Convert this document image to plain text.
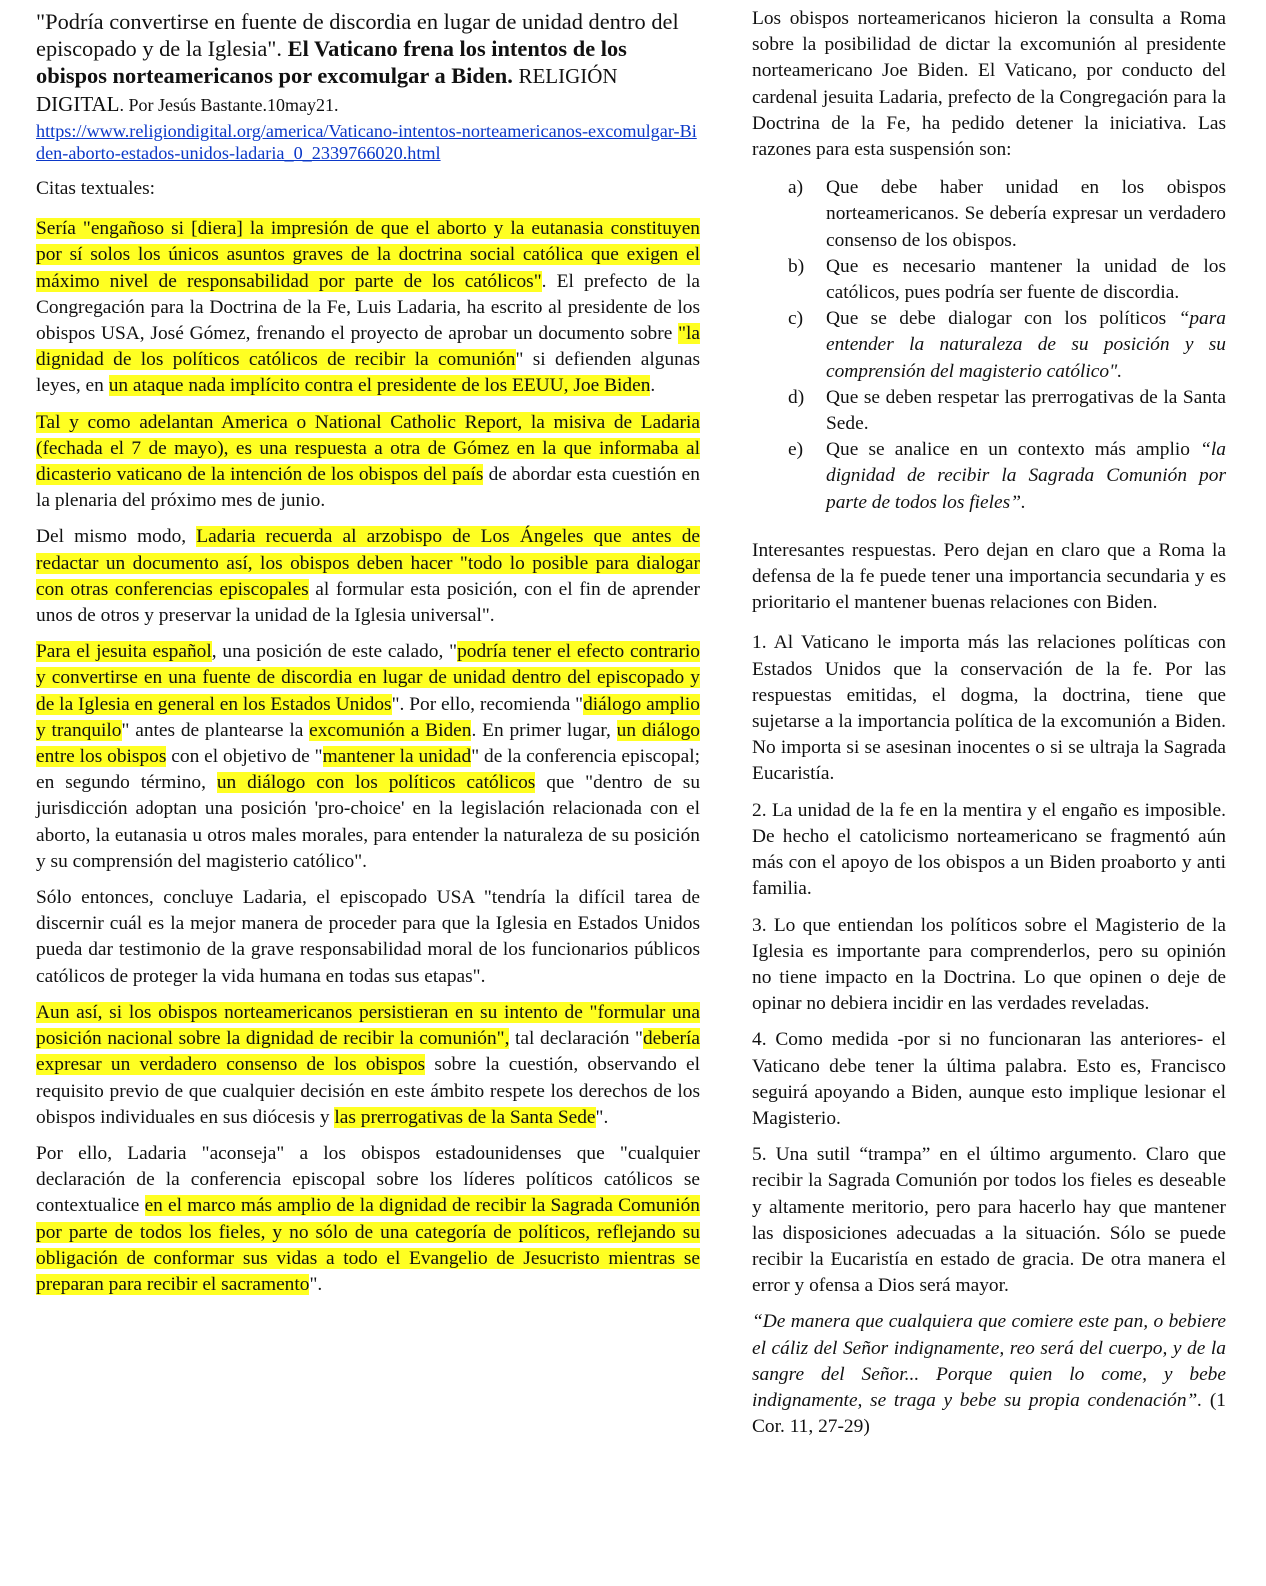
"Podría convertirse en fuente de discordia en lugar de unidad dentro del episcopado y de la Iglesia". El Vaticano frena los intentos de los obispos norteamericanos por excomulgar a Biden. RELIGIÓN DIGITAL. Por Jesús Bastante.10may21.

https://www.religiondigital.org/america/Vaticano-intentos-norteamericanos-excomulgar-Biden-aborto-estados-unidos-ladaria_0_2339766020.html

Citas textuales:

Sería "engañoso si [diera] la impresión de que el aborto y la eutanasia constituyen por sí solos los únicos asuntos graves de la doctrina social católica que exigen el máximo nivel de responsabilidad por parte de los católicos". El prefecto de la Congregación para la Doctrina de la Fe, Luis Ladaria, ha escrito al presidente de los obispos USA, José Gómez, frenando el proyecto de aprobar un documento sobre "la dignidad de los políticos católicos de recibir la comunión" si defienden algunas leyes, en un ataque nada implícito contra el presidente de los EEUU, Joe Biden.

Tal y como adelantan America o National Catholic Report, la misiva de Ladaria (fechada el 7 de mayo), es una respuesta a otra de Gómez en la que informaba al dicasterio vaticano de la intención de los obispos del país de abordar esta cuestión en la plenaria del próximo mes de junio.

Del mismo modo, Ladaria recuerda al arzobispo de Los Ángeles que antes de redactar un documento así, los obispos deben hacer "todo lo posible para dialogar con otras conferencias episcopales al formular esta posición, con el fin de aprender unos de otros y preservar la unidad de la Iglesia universal".

Para el jesuita español, una posición de este calado, "podría tener el efecto contrario y convertirse en una fuente de discordia en lugar de unidad dentro del episcopado y de la Iglesia en general en los Estados Unidos". Por ello, recomienda "diálogo amplio y tranquilo" antes de plantearse la excomunión a Biden. En primer lugar, un diálogo entre los obispos con el objetivo de "mantener la unidad" de la conferencia episcopal; en segundo término, un diálogo con los políticos católicos que "dentro de su jurisdicción adoptan una posición 'pro-choice' en la legislación relacionada con el aborto, la eutanasia u otros males morales, para entender la naturaleza de su posición y su comprensión del magisterio católico".

Sólo entonces, concluye Ladaria, el episcopado USA "tendría la difícil tarea de discernir cuál es la mejor manera de proceder para que la Iglesia en Estados Unidos pueda dar testimonio de la grave responsabilidad moral de los funcionarios públicos católicos de proteger la vida humana en todas sus etapas".

Aun así, si los obispos norteamericanos persistieran en su intento de "formular una posición nacional sobre la dignidad de recibir la comunión", tal declaración "debería expresar un verdadero consenso de los obispos sobre la cuestión, observando el requisito previo de que cualquier decisión en este ámbito respete los derechos de los obispos individuales en sus diócesis y las prerrogativas de la Santa Sede".

Por ello, Ladaria "aconseja" a los obispos estadounidenses que "cualquier declaración de la conferencia episcopal sobre los líderes políticos católicos se contextualice en el marco más amplio de la dignidad de recibir la Sagrada Comunión por parte de todos los fieles, y no sólo de una categoría de políticos, reflejando su obligación de conformar sus vidas a todo el Evangelio de Jesucristo mientras se preparan para recibir el sacramento".

Los obispos norteamericanos hicieron la consulta a Roma sobre la posibilidad de dictar la excomunión al presidente norteamericano Joe Biden. El Vaticano, por conducto del cardenal jesuita Ladaria, prefecto de la Congregación para la Doctrina de la Fe, ha pedido detener la iniciativa. Las razones para esta suspensión son:

a)	Que debe haber unidad en los obispos norteamericanos. Se debería expresar un verdadero consenso de los obispos.
b)	Que es necesario mantener la unidad de los católicos, pues podría ser fuente de discordia.
c)	Que se debe dialogar con los políticos “para entender la naturaleza de su posición y su comprensión del magisterio católico".
d)	Que se deben respetar las prerrogativas de la Santa Sede.
e)	Que se analice en un contexto más amplio “la dignidad de recibir la Sagrada Comunión por parte de todos los fieles”.

Interesantes respuestas. Pero dejan en claro que a Roma la defensa de la fe puede tener una importancia secundaria y es prioritario el mantener buenas relaciones con Biden.

1. Al Vaticano le importa más las relaciones políticas con Estados Unidos que la conservación de la fe. Por las respuestas emitidas, el dogma, la doctrina, tiene que sujetarse a la importancia política de la excomunión a Biden. No importa si se asesinan inocentes o si se ultraja la Sagrada Eucaristía.

2. La unidad de la fe en la mentira y el engaño es imposible. De hecho el catolicismo norteamericano se fragmentó aún más con el apoyo de los obispos a un Biden proaborto y anti familia.

3. Lo que entiendan los políticos sobre el Magisterio de la Iglesia es importante para comprenderlos, pero su opinión no tiene impacto en la Doctrina. Lo que opinen o deje de opinar no debiera incidir en las verdades reveladas.

4. Como medida -por si no funcionaran las anteriores- el Vaticano debe tener la última palabra. Esto es, Francisco seguirá apoyando a Biden, aunque esto implique lesionar el Magisterio.

5. Una sutil “trampa” en el último argumento. Claro que recibir la Sagrada Comunión por todos los fieles es deseable y altamente meritorio, pero para hacerlo hay que mantener las disposiciones adecuadas a la situación. Sólo se puede recibir la Eucaristía en estado de gracia. De otra manera el error y ofensa a Dios será mayor.

“De manera que cualquiera que comiere este pan, o bebiere el cáliz del Señor indignamente, reo será del cuerpo, y de la sangre del Señor... Porque quien lo come, y bebe indignamente, se traga y bebe su propia condenación”. (1 Cor. 11, 27-29)
